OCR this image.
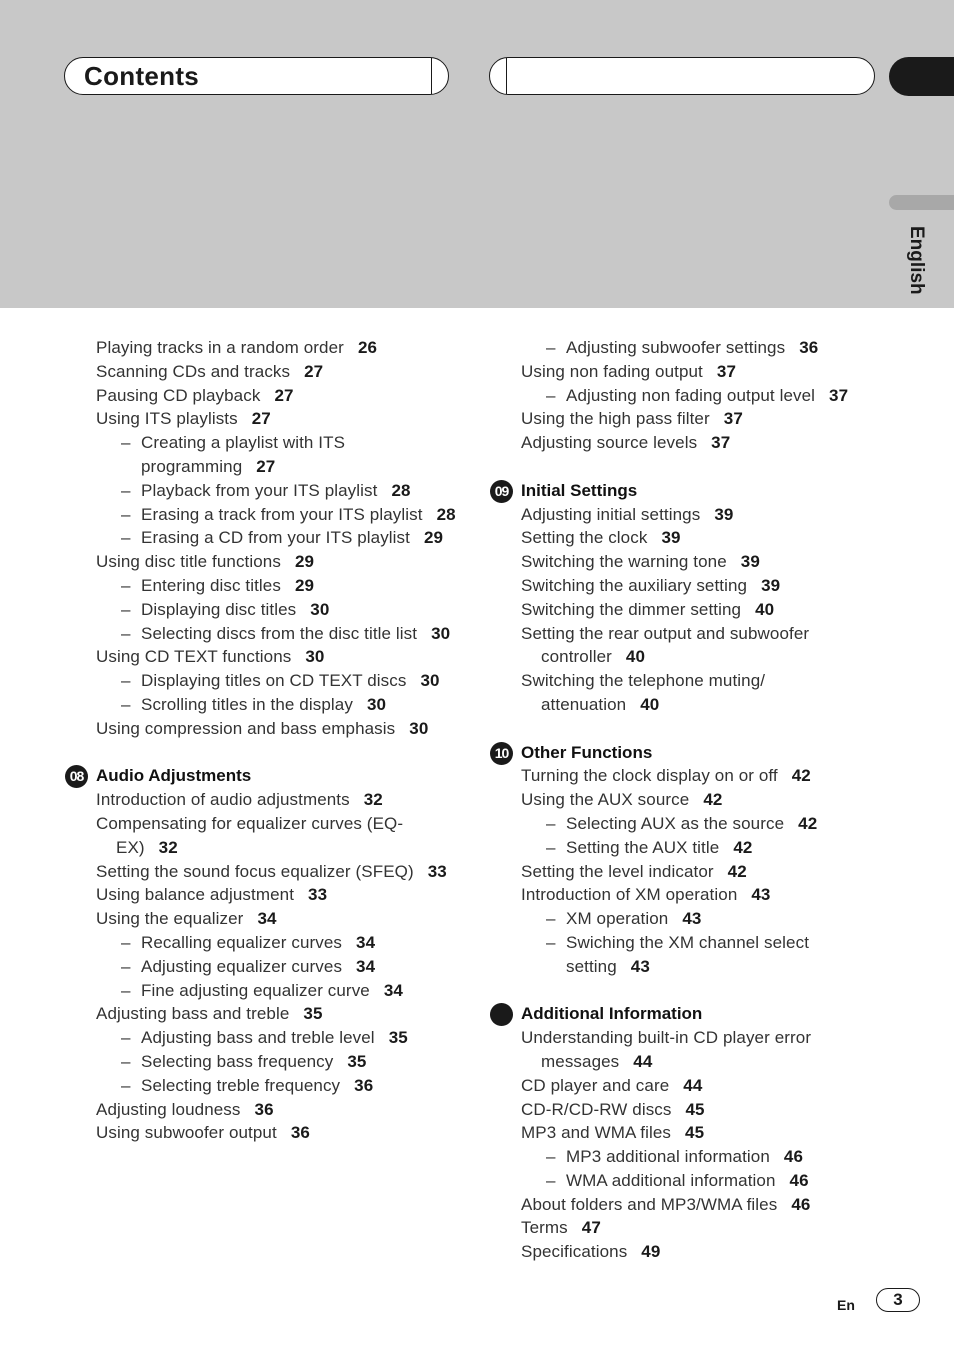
Contents
English
Playing tracks in a random order 26
Scanning CDs and tracks 27
Pausing CD playback 27
Using ITS playlists 27
– Creating a playlist with ITS programming 27
– Playback from your ITS playlist 28
– Erasing a track from your ITS playlist 28
– Erasing a CD from your ITS playlist 29
Using disc title functions 29
– Entering disc titles 29
– Displaying disc titles 30
– Selecting discs from the disc title list 30
Using CD TEXT functions 30
– Displaying titles on CD TEXT discs 30
– Scrolling titles in the display 30
Using compression and bass emphasis 30
08 Audio Adjustments
Introduction of audio adjustments 32
Compensating for equalizer curves (EQ-EX) 32
Setting the sound focus equalizer (SFEQ) 33
Using balance adjustment 33
Using the equalizer 34
– Recalling equalizer curves 34
– Adjusting equalizer curves 34
– Fine adjusting equalizer curve 34
Adjusting bass and treble 35
– Adjusting bass and treble level 35
– Selecting bass frequency 35
– Selecting treble frequency 36
Adjusting loudness 36
Using subwoofer output 36
– Adjusting subwoofer settings 36
Using non fading output 37
– Adjusting non fading output level 37
Using the high pass filter 37
Adjusting source levels 37
09 Initial Settings
Adjusting initial settings 39
Setting the clock 39
Switching the warning tone 39
Switching the auxiliary setting 39
Switching the dimmer setting 40
Setting the rear output and subwoofer controller 40
Switching the telephone muting/ attenuation 40
10 Other Functions
Turning the clock display on or off 42
Using the AUX source 42
– Selecting AUX as the source 42
– Setting the AUX title 42
Setting the level indicator 42
Introduction of XM operation 43
– XM operation 43
– Swiching the XM channel select setting 43
Additional Information
Understanding built-in CD player error messages 44
CD player and care 44
CD-R/CD-RW discs 45
MP3 and WMA files 45
– MP3 additional information 46
– WMA additional information 46
About folders and MP3/WMA files 46
Terms 47
Specifications 49
En	3
